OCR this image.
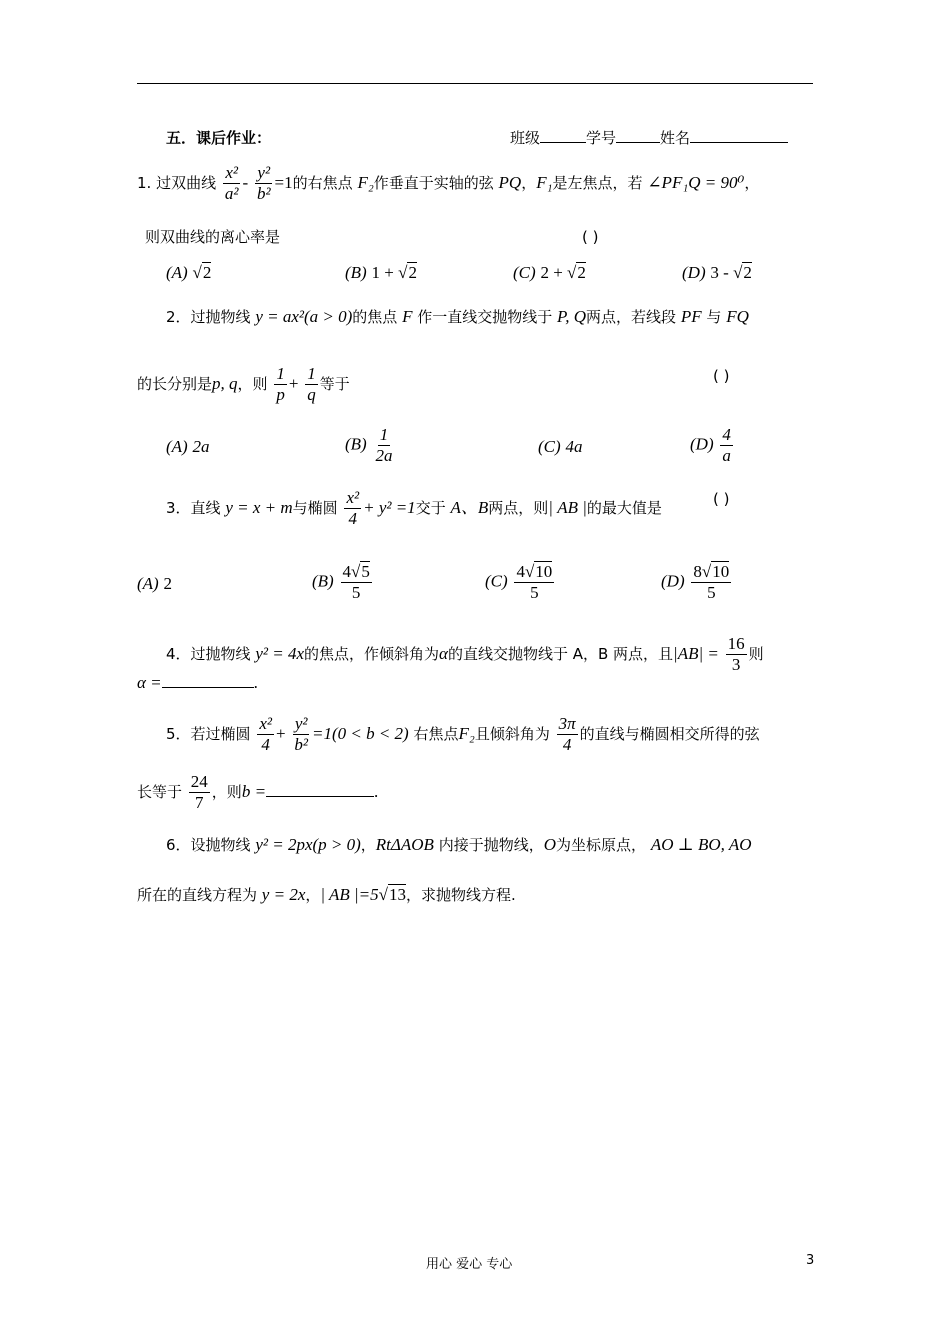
五．课后作业：	班级	学号	姓名
1. 过双曲线 $\frac{\text{x²}}{\text{a²}} - \frac{\text{y²}}{\text{b²}} =1$的右焦点 F₂作垂直于实轴的弦 PQ，F₁是左焦点，若 ∠PF₁Q = 90⁰，
则双曲线的离心率是	( )
(A) √2	(B) 1 + √2	(C) 2 + √2	(D) 3 - √2
2．过抛物线 y = ax²(a > 0)的焦点 F 作一直线交抛物线于 P, Q两点，若线段 PF 与 FQ
的长分别是p, q，则 $\frac{1}{p} + \frac{1}{q}$ 等于	( )
(A) 2a	$(B) \frac{1}{2a}$	(C) 4a	$(D) \frac{4}{a}$
3．直线 y = x + m与椭圆 $\frac{\text{x²}}{4} + y^2 =1$交于 A、B两点，则| AB |的最大值是	( )
(A) 2	$(B) \frac{4√5}{5}$	$(C) \frac{4√10}{5}$	$(D) \frac{8√10}{5}$
4．过抛物线 y² = 4x的焦点，作倾斜角为α的直线交抛物线于 A，B 两点，且$|AB| = \frac{16}{3}$ 则
α =	.
5．若过椭圆 $\frac{\text{x²}}{4} + \frac{\text{y²}}{\text{b²}} =1(0 < b < 2)$ 右焦点F₂且倾斜角为 $\frac{3\pi}{4}$ 的直线与椭圆相交所得的弦
长等于 $\frac{24}{7}$ ，则b =	.
6．设抛物线 y² = 2px(p > 0)，RtΔAOB 内接于抛物线，O为坐标原点， AO ⊥ BO, AO
所在的直线方程为 y = 2x，| AB |=5√13，求抛物线方程.
用心 爱心 专心	3
